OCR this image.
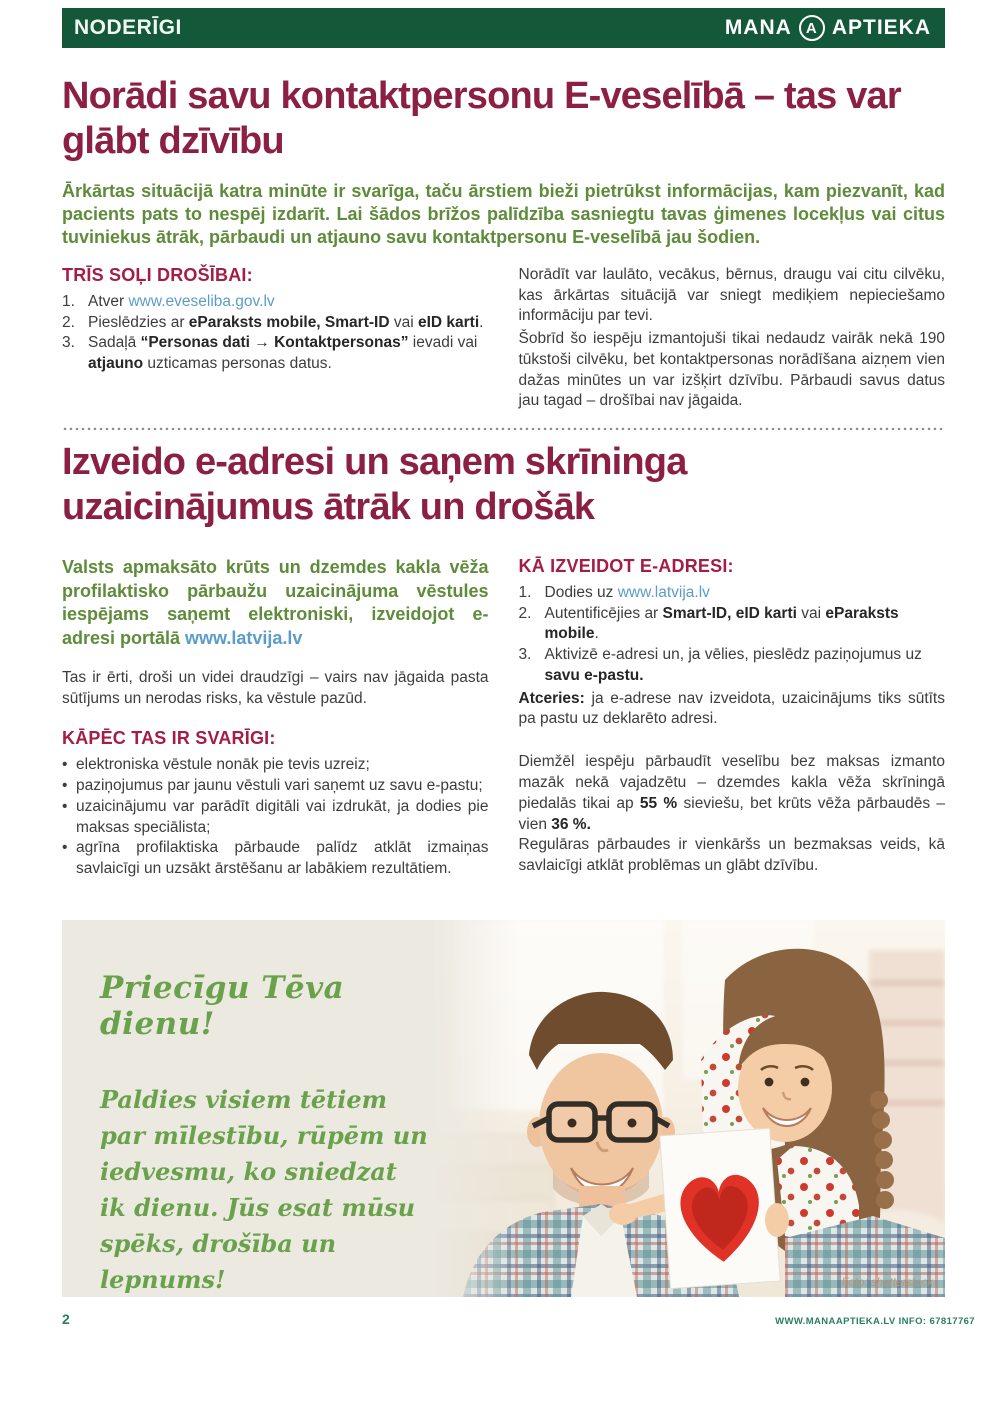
NODERĪGI	MANA A APTIEKA
Norādi savu kontaktpersonu E-veselībā – tas var glābt dzīvību

Ārkārtas situācijā katra minūte ir svarīga, taču ārstiem bieži pietrūkst informācijas, kam piezvanīt, kad pacients pats to nespēj izdarīt. Lai šādos brīžos palīdzība sasniegtu tavas ģimenes locekļus vai citus tuviniekus ātrāk, pārbaudi un atjauno savu kontaktpersonu E-veselībā jau šodien.

TRĪS SOĻI DROŠĪBAI:
1. Atver www.eveseliba.gov.lv
2. Pieslēdzies ar eParaksts mobile, Smart-ID vai eID karti.
3. Sadaļā “Personas dati → Kontaktpersonas” ievadi vai atjauno uzticamas personas datus.

Norādīt var laulāto, vecākus, bērnus, draugu vai citu cilvēku, kas ārkārtas situācijā var sniegt mediķiem nepieciešamo informāciju par tevi.

Šobrīd šo iespēju izmantojuši tikai nedaudz vairāk nekā 190 tūkstoši cilvēku, bet kontaktpersonas norādīšana aizņem vien dažas minūtes un var izšķirt dzīvību. Pārbaudi savus datus jau tagad – drošībai nav jāgaida.

Izveido e-adresi un saņem skrīninga uzaicinājumus ātrāk un drošāk

Valsts apmaksāto krūts un dzemdes kakla vēža profilaktisko pārbaužu uzaicinājuma vēstules iespējams saņemt elektroniski, izveidojot e-adresi portālā www.latvija.lv

Tas ir ērti, droši un videi draudzīgi – vairs nav jāgaida pasta sūtījums un nerodas risks, ka vēstule pazūd.

KĀPĒC TAS IR SVARĪGI:
• elektroniska vēstule nonāk pie tevis uzreiz;
• paziņojumus par jaunu vēstuli vari saņemt uz savu e-pastu;
• uzaicinājumu var parādīt digitāli vai izdrukāt, ja dodies pie maksas speciālista;
• agrīna profilaktiska pārbaude palīdz atklāt izmaiņas savlaicīgi un uzsākt ārstēšanu ar labākiem rezultātiem.
KĀ IZVEIDOT E-ADRESI:
1. Dodies uz www.latvija.lv
2. Autentificējies ar Smart-ID, eID karti vai eParaksts mobile.
3. Aktivizē e-adresi un, ja vēlies, pieslēdz paziņojumus uz savu e-pastu.

Atceries: ja e-adrese nav izveidota, uzaicinājums tiks sūtīts pa pastu uz deklarēto adresi.

Diemžēl iespēju pārbaudīt veselību bez maksas izmanto mazāk nekā vajadzētu – dzemdes kakla vēža skrīningā piedalās tikai ap 55 % sieviešu, bet krūts vēža pārbaudēs – vien 36 %.

Regulāras pārbaudes ir vienkāršs un bezmaksas veids, kā savlaicīgi atklāt problēmas un glābt dzīvību.

Priecīgu Tēva dienu!
Paldies visiem tētiem par mīlestību, rūpēm un iedvesmu, ko sniedzat ik dienu. Jūs esat mūsu spēks, drošība un lepnums!	Foto: shutterstock
2	WWW.MANAAPTIEKA.LV INFO: 67817767
